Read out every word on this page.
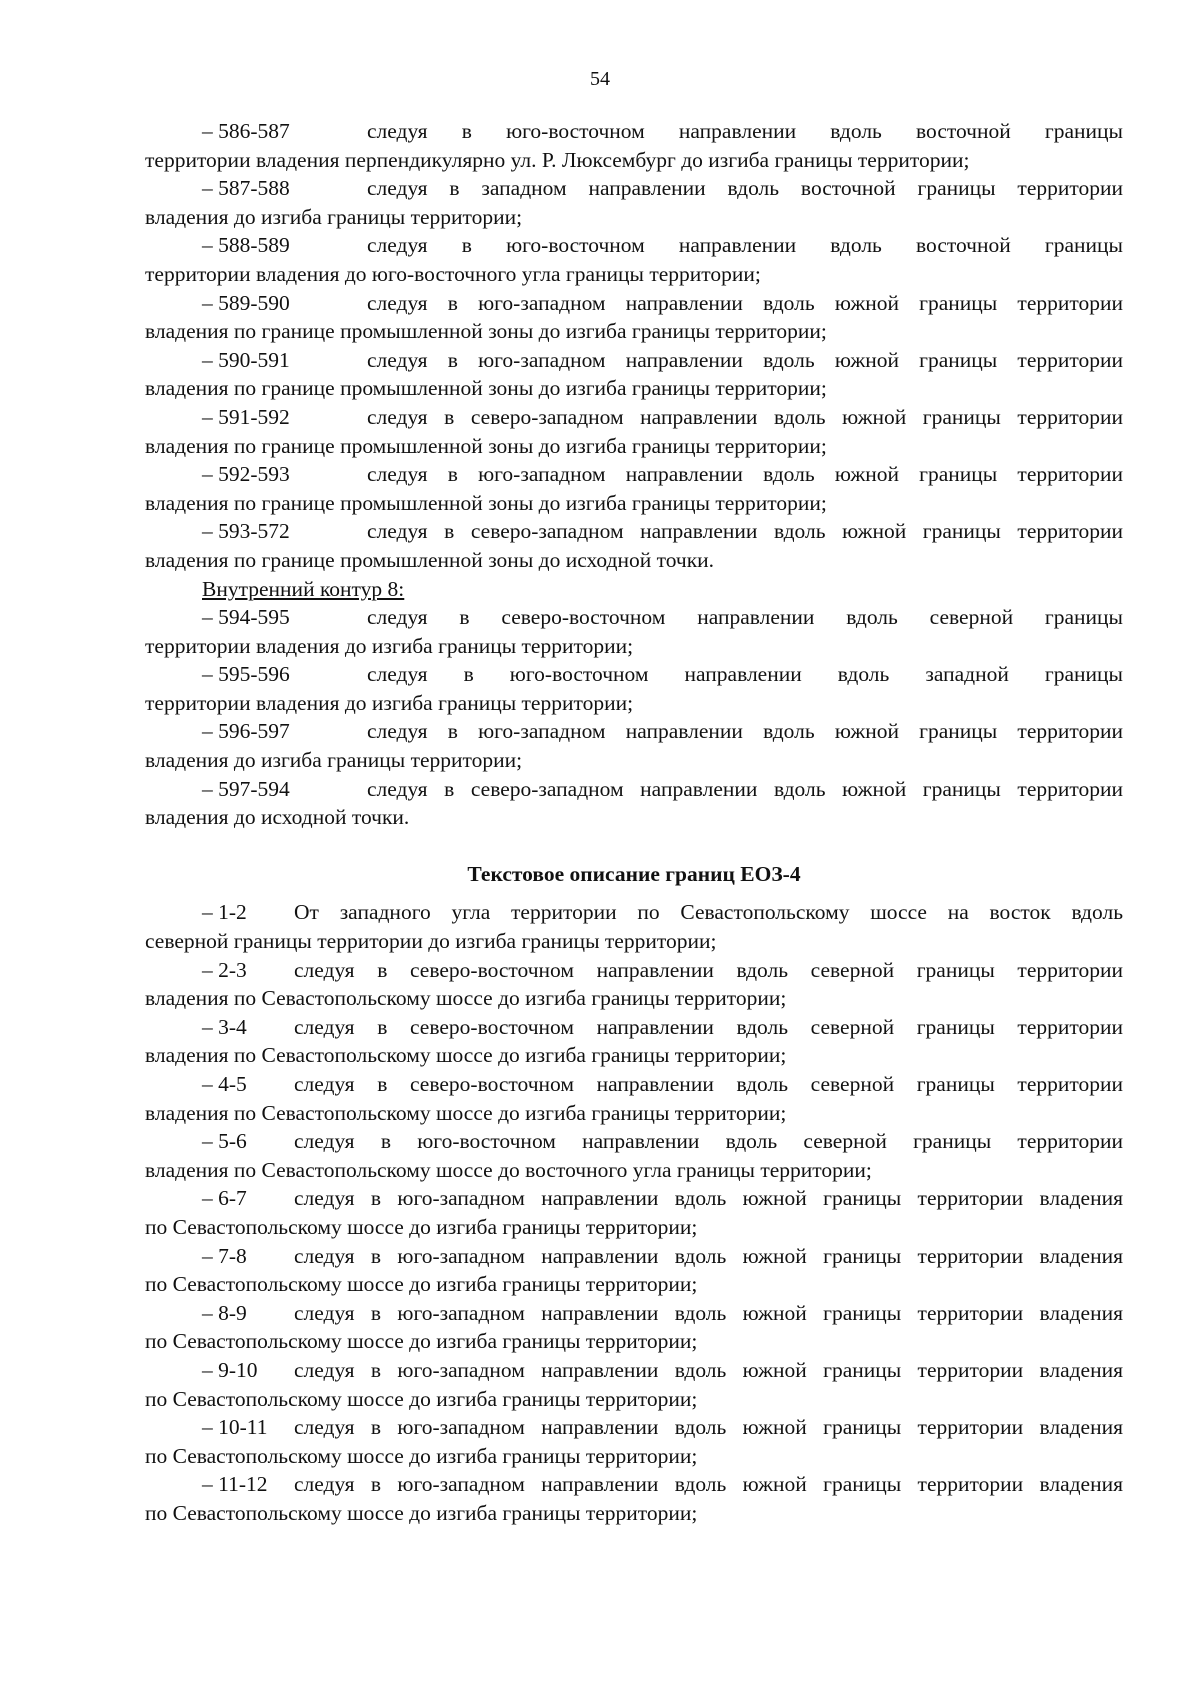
54
– 586-587	следуя в юго-восточном направлении вдоль восточной границы
территории владения перпендикулярно ул. Р. Люксембург до изгиба границы территории;
– 587-588	следуя в западном направлении вдоль восточной границы территории
владения до изгиба границы территории;
– 588-589	следуя в юго-восточном направлении вдоль восточной границы
территории владения до юго-восточного угла границы территории;
– 589-590	следуя в юго-западном направлении вдоль южной границы территории
владения по границе промышленной зоны до изгиба границы территории;
– 590-591	следуя в юго-западном направлении вдоль южной границы территории
владения по границе промышленной зоны до изгиба границы территории;
– 591-592	следуя в северо-западном направлении вдоль южной границы территории
владения по границе промышленной зоны до изгиба границы территории;
– 592-593	следуя в юго-западном направлении вдоль южной границы территории
владения по границе промышленной зоны до изгиба границы территории;
– 593-572	следуя в северо-западном направлении вдоль южной границы территории
владения по границе промышленной зоны до исходной точки.

Внутренний контур 8:

– 594-595	следуя в северо-восточном направлении вдоль северной границы
территории владения до изгиба границы территории;
– 595-596	следуя в юго-восточном направлении вдоль западной границы
территории владения до изгиба границы территории;
– 596-597	следуя в юго-западном направлении вдоль южной границы территории
владения до изгиба границы территории;
– 597-594	следуя в северо-западном направлении вдоль южной границы территории
владения до исходной точки.
Текстовое описание границ ЕОЗ-4
– 1-2	От западного угла территории по Севастопольскому шоссе на восток вдоль
северной границы территории до изгиба границы территории;
– 2-3	следуя в северо-восточном направлении вдоль северной границы территории
владения по Севастопольскому шоссе до изгиба границы территории;
– 3-4	следуя в северо-восточном направлении вдоль северной границы территории
владения по Севастопольскому шоссе до изгиба границы территории;
– 4-5	следуя в северо-восточном направлении вдоль северной границы территории
владения по Севастопольскому шоссе до изгиба границы территории;
– 5-6	следуя в юго-восточном направлении вдоль северной границы территории
владения по Севастопольскому шоссе до восточного угла границы территории;
– 6-7	следуя в юго-западном направлении вдоль южной границы территории владения
по Севастопольскому шоссе до изгиба границы территории;
– 7-8	следуя в юго-западном направлении вдоль южной границы территории владения
по Севастопольскому шоссе до изгиба границы территории;
– 8-9	следуя в юго-западном направлении вдоль южной границы территории владения
по Севастопольскому шоссе до изгиба границы территории;
– 9-10	следуя в юго-западном направлении вдоль южной границы территории владения
по Севастопольскому шоссе до изгиба границы территории;
– 10-11	следуя в юго-западном направлении вдоль южной границы территории владения
по Севастопольскому шоссе до изгиба границы территории;
– 11-12	следуя в юго-западном направлении вдоль южной границы территории владения
по Севастопольскому шоссе до изгиба границы территории;
